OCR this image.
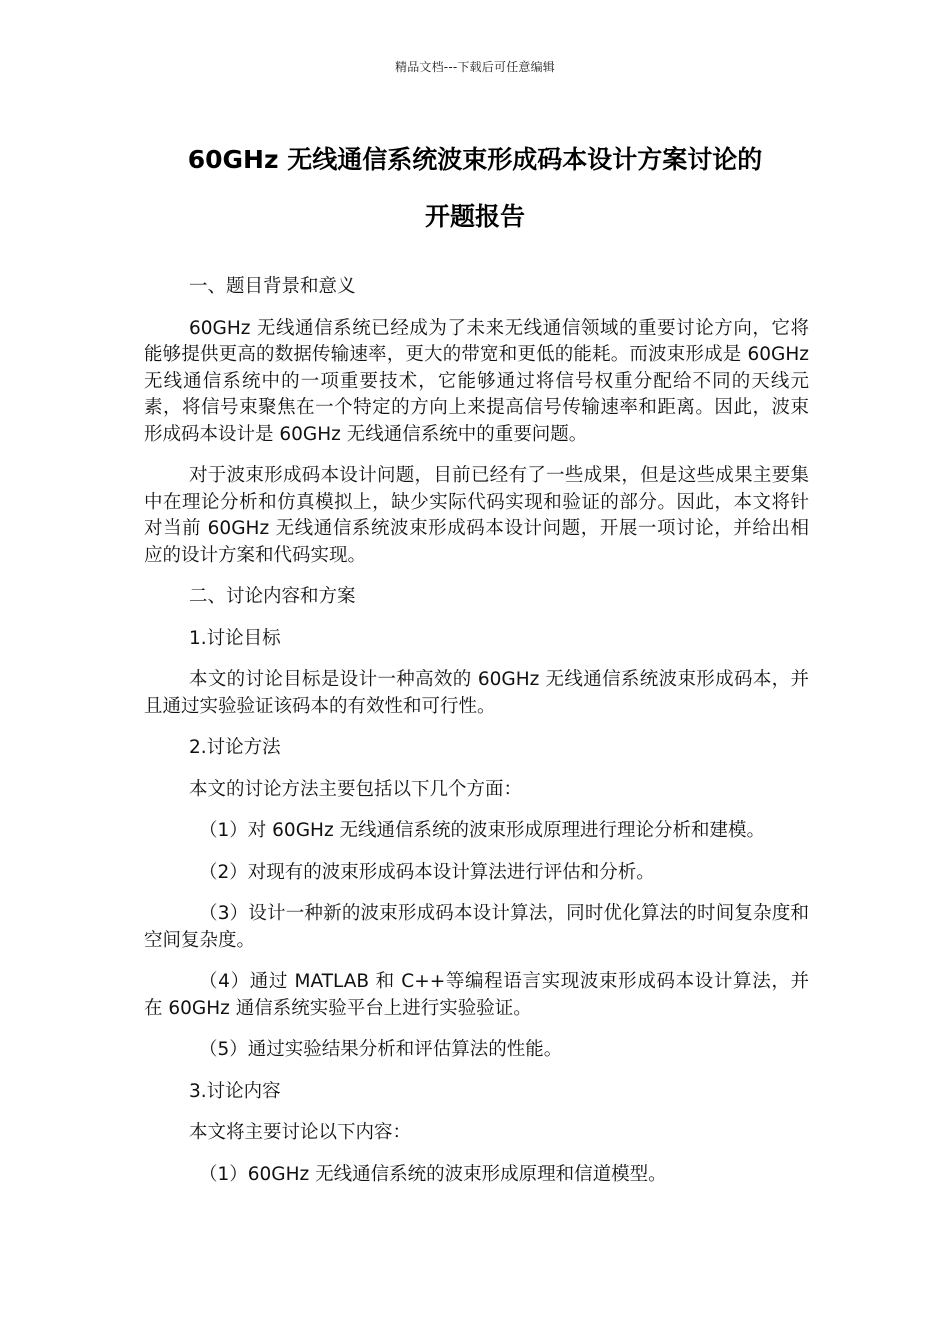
精品文档---下载后可任意编辑
60GHz 无线通信系统波束形成码本设计方案讨论的
开题报告

一、题目背景和意义

60GHz 无线通信系统已经成为了未来无线通信领域的重要讨论方向，它将能够提供更高的数据传输速率，更大的带宽和更低的能耗。而波束形成是 60GHz 无线通信系统中的一项重要技术，它能够通过将信号权重分配给不同的天线元素，将信号束聚焦在一个特定的方向上来提高信号传输速率和距离。因此，波束形成码本设计是 60GHz 无线通信系统中的重要问题。

对于波束形成码本设计问题，目前已经有了一些成果，但是这些成果主要集中在理论分析和仿真模拟上，缺少实际代码实现和验证的部分。因此，本文将针对当前 60GHz 无线通信系统波束形成码本设计问题，开展一项讨论，并给出相应的设计方案和代码实现。

二、讨论内容和方案

1.讨论目标

本文的讨论目标是设计一种高效的 60GHz 无线通信系统波束形成码本，并且通过实验验证该码本的有效性和可行性。

2.讨论方法

本文的讨论方法主要包括以下几个方面：

（1）对 60GHz 无线通信系统的波束形成原理进行理论分析和建模。

（2）对现有的波束形成码本设计算法进行评估和分析。

（3）设计一种新的波束形成码本设计算法，同时优化算法的时间复杂度和空间复杂度。

（4）通过 MATLAB 和 C++等编程语言实现波束形成码本设计算法，并在 60GHz 通信系统实验平台上进行实验验证。

（5）通过实验结果分析和评估算法的性能。

3.讨论内容

本文将主要讨论以下内容：

（1）60GHz 无线通信系统的波束形成原理和信道模型。
